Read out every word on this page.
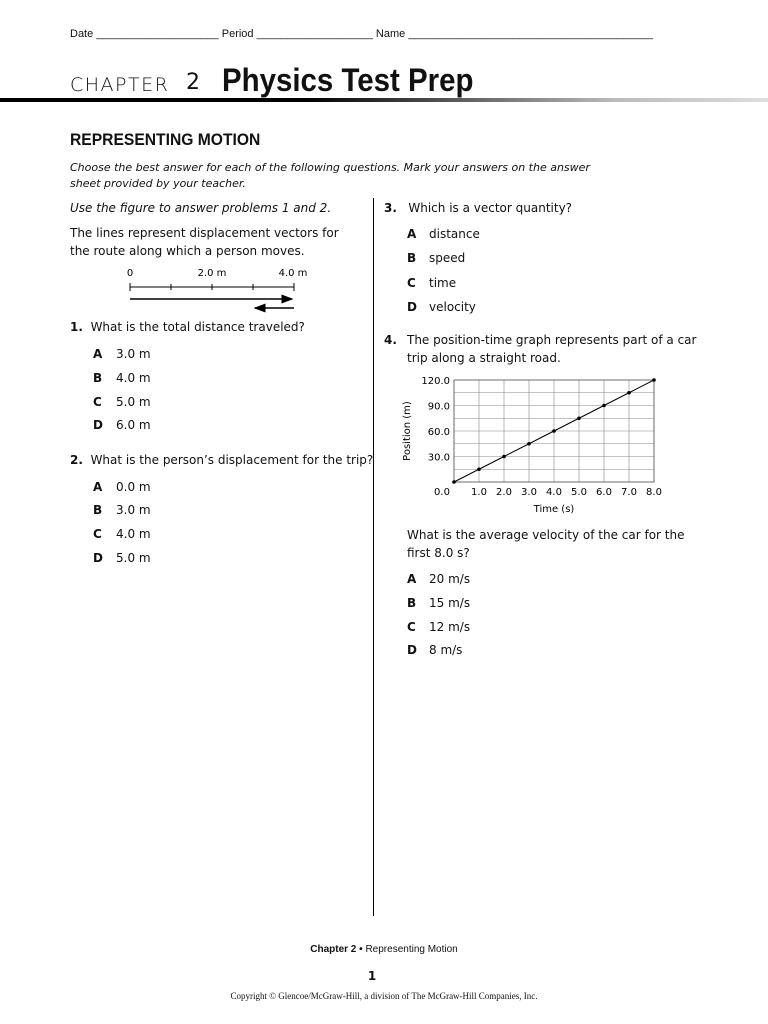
Date ____________________ Period ___________________ Name ________________________________________
CHAPTER 2 Physics Test Prep
REPRESENTING MOTION
Choose the best answer for each of the following questions. Mark your answers on the answer sheet provided by your teacher.
Use the figure to answer problems 1 and 2.
The lines represent displacement vectors for the route along which a person moves.
0	2.0 m	4.0 m
1. What is the total distance traveled?
A 3.0 m
B 4.0 m
C 5.0 m
D 6.0 m
2. What is the person’s displacement for the trip?
A 0.0 m
B 3.0 m
C 4.0 m
D 5.0 m
3. Which is a vector quantity?
A distance
B speed
C time
D velocity
4. The position-time graph represents part of a car trip along a straight road.
0.0 1.0 2.0 3.0 4.0 5.0 6.0 7.0 8.0
30.0
60.0
90.0
120.0
Position (m)
Time (s)
What is the average velocity of the car for the first 8.0 s?
A 20 m/s
B 15 m/s
C 12 m/s
D 8 m/s
Chapter 2 • Representing Motion
1
Copyright © Glencoe/McGraw-Hill, a division of The McGraw-Hill Companies, Inc.
